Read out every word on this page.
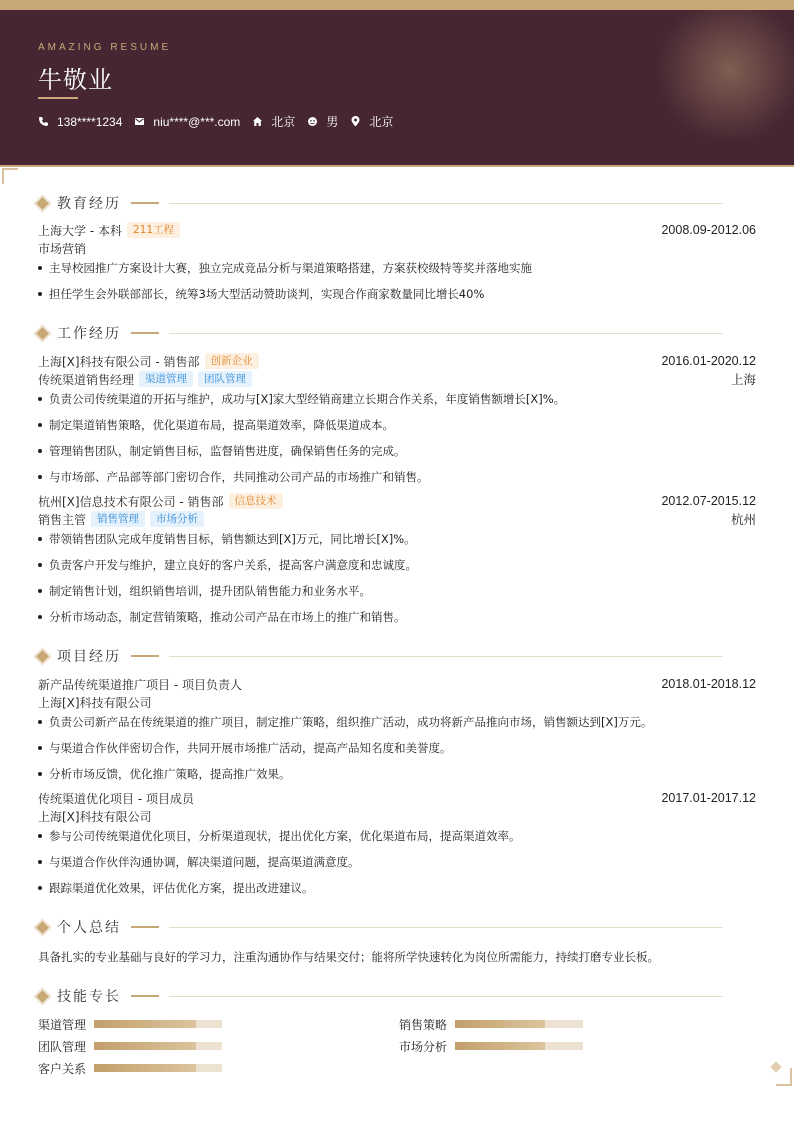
AMAZING RESUME
牛敬业
138****1234	niu****@***.com	北京	男	北京
教育经历
上海大学 - 本科	211工程	2008.09-2012.06
市场营销
主导校园推广方案设计大赛，独立完成竞品分析与渠道策略搭建，方案获校级特等奖并落地实施
担任学生会外联部部长，统筹3场大型活动赞助谈判，实现合作商家数量同比增长40%
工作经历
上海[X]科技有限公司 - 销售部	创新企业	2016.01-2020.12
传统渠道销售经理	渠道管理	团队管理	上海
负责公司传统渠道的开拓与维护，成功与[X]家大型经销商建立长期合作关系，年度销售额增长[X]%。
制定渠道销售策略，优化渠道布局，提高渠道效率，降低渠道成本。
管理销售团队，制定销售目标，监督销售进度，确保销售任务的完成。
与市场部、产品部等部门密切合作，共同推动公司产品的市场推广和销售。
杭州[X]信息技术有限公司 - 销售部	信息技术	2012.07-2015.12
销售主管	销售管理	市场分析	杭州
带领销售团队完成年度销售目标，销售额达到[X]万元，同比增长[X]%。
负责客户开发与维护，建立良好的客户关系，提高客户满意度和忠诚度。
制定销售计划，组织销售培训，提升团队销售能力和业务水平。
分析市场动态，制定营销策略，推动公司产品在市场上的推广和销售。
项目经历
新产品传统渠道推广项目 - 项目负责人	2018.01-2018.12
上海[X]科技有限公司
负责公司新产品在传统渠道的推广项目，制定推广策略，组织推广活动，成功将新产品推向市场，销售额达到[X]万元。
与渠道合作伙伴密切合作，共同开展市场推广活动，提高产品知名度和美誉度。
分析市场反馈，优化推广策略，提高推广效果。
传统渠道优化项目 - 项目成员	2017.01-2017.12
上海[X]科技有限公司
参与公司传统渠道优化项目，分析渠道现状，提出优化方案，优化渠道布局，提高渠道效率。
与渠道合作伙伴沟通协调，解决渠道问题，提高渠道满意度。
跟踪渠道优化效果，评估优化方案，提出改进建议。
个人总结
具备扎实的专业基础与良好的学习力，注重沟通协作与结果交付；能将所学快速转化为岗位所需能力，持续打磨专业长板。
技能专长
渠道管理	销售策略
团队管理	市场分析
客户关系
